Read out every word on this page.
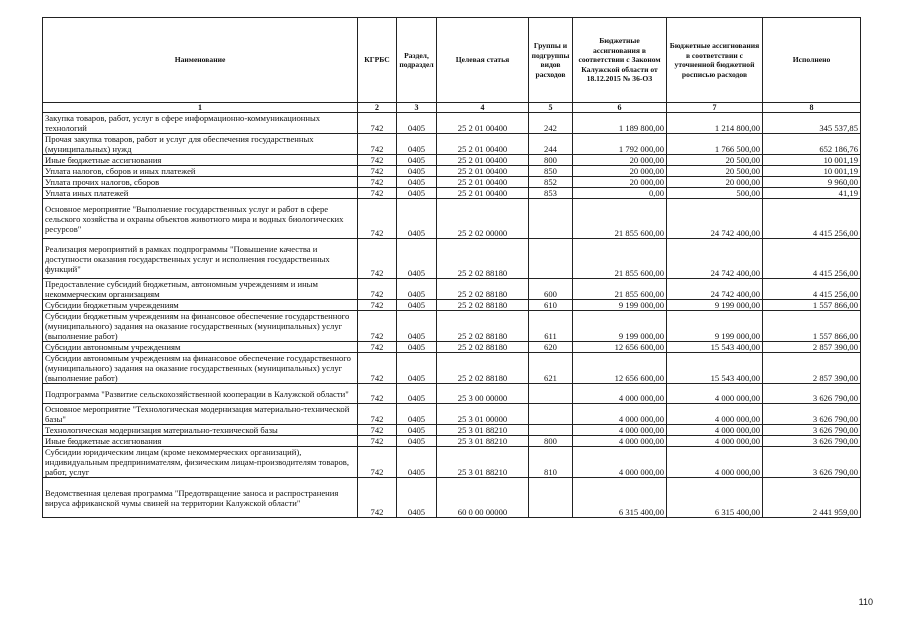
Наименование	КГРБС	Раздел, подраздел	Целевая статья	Группы и подгруппы видов расходов	Бюджетные ассигнования в соответствии с Законом Калужской области от 18.12.2015 № 36-ОЗ	Бюджетные ассигнования в соответствии с уточненной бюджетной росписью расходов	Исполнено
1	2	3	4	5	6	7	8
Закупка товаров, работ, услуг в сфере информационно-коммуникационных технологий	742	0405	25 2 01 00400	242	1 189 800,00	1 214 800,00	345 537,85
Прочая закупка товаров, работ и услуг для обеспечения государственных (муниципальных) нужд	742	0405	25 2 01 00400	244	1 792 000,00	1 766 500,00	652 186,76
Иные бюджетные ассигнования	742	0405	25 2 01 00400	800	20 000,00	20 500,00	10 001,19
Уплата налогов, сборов и иных платежей	742	0405	25 2 01 00400	850	20 000,00	20 500,00	10 001,19
Уплата прочих налогов, сборов	742	0405	25 2 01 00400	852	20 000,00	20 000,00	9 960,00
Уплата иных платежей	742	0405	25 2 01 00400	853	0,00	500,00	41,19
Основное мероприятие "Выполнение государственных услуг и работ в сфере сельского хозяйства и охраны объектов животного мира и водных биологических ресурсов"	742	0405	25 2 02 00000		21 855 600,00	24 742 400,00	4 415 256,00
Реализация мероприятий в рамках подпрограммы "Повышение качества и доступности оказания государственных услуг и исполнения государственных функций"	742	0405	25 2 02 88180		21 855 600,00	24 742 400,00	4 415 256,00
Предоставление субсидий бюджетным, автономным учреждениям и иным некоммерческим организациям	742	0405	25 2 02 88180	600	21 855 600,00	24 742 400,00	4 415 256,00
Субсидии бюджетным учреждениям	742	0405	25 2 02 88180	610	9 199 000,00	9 199 000,00	1 557 866,00
Субсидии бюджетным учреждениям на финансовое обеспечение государственного (муниципального) задания на оказание государственных (муниципальных) услуг (выполнение работ)	742	0405	25 2 02 88180	611	9 199 000,00	9 199 000,00	1 557 866,00
Субсидии автономным учреждениям	742	0405	25 2 02 88180	620	12 656 600,00	15 543 400,00	2 857 390,00
Субсидии автономным учреждениям на финансовое обеспечение государственного (муниципального) задания на оказание государственных (муниципальных) услуг (выполнение работ)	742	0405	25 2 02 88180	621	12 656 600,00	15 543 400,00	2 857 390,00
Подпрограмма "Развитие сельскохозяйственной кооперации в Калужской области"	742	0405	25 3 00 00000		4 000 000,00	4 000 000,00	3 626 790,00
Основное мероприятие "Технологическая модернизация материально-технической базы"	742	0405	25 3 01 00000		4 000 000,00	4 000 000,00	3 626 790,00
Технологическая модернизация материально-технической базы	742	0405	25 3 01 88210		4 000 000,00	4 000 000,00	3 626 790,00
Иные бюджетные ассигнования	742	0405	25 3 01 88210	800	4 000 000,00	4 000 000,00	3 626 790,00
Субсидии юридическим лицам (кроме некоммерческих организаций), индивидуальным предпринимателям, физическим лицам-производителям товаров, работ, услуг	742	0405	25 3 01 88210	810	4 000 000,00	4 000 000,00	3 626 790,00
Ведомственная целевая программа "Предотвращение заноса и распространения вируса африканской чумы свиней на территории Калужской области"	742	0405	60 0 00 00000		6 315 400,00	6 315 400,00	2 441 959,00
110
